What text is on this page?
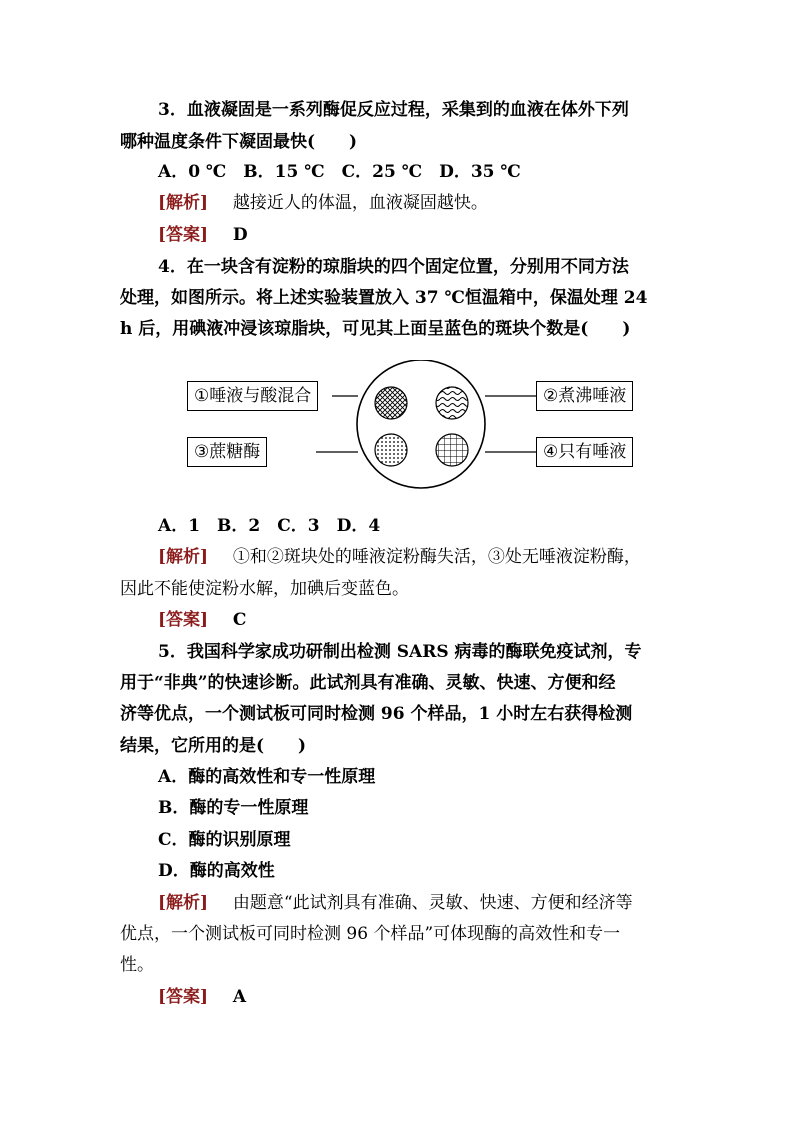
3．血液凝固是一系列酶促反应过程，采集到的血液在体外下列
哪种温度条件下凝固最快(　　)
A．0 ℃　B．15 ℃　C．25 ℃　D．35 ℃
[解析] 越接近人的体温，血液凝固越快。
[答案] D
4．在一块含有淀粉的琼脂块的四个固定位置，分别用不同方法
处理，如图所示。将上述实验装置放入 37 ℃恒温箱中，保温处理 24
h 后，用碘液冲浸该琼脂块，可见其上面呈蓝色的斑块个数是(　　)
①唾液与酸混合	②煮沸唾液
③蔗糖酶	④只有唾液
A．1　B．2　C．3　D．4
[解析] ①和②斑块处的唾液淀粉酶失活，③处无唾液淀粉酶，
因此不能使淀粉水解，加碘后变蓝色。
[答案] C
5．我国科学家成功研制出检测 SARS 病毒的酶联免疫试剂，专
用于“非典”的快速诊断。此试剂具有准确、灵敏、快速、方便和经
济等优点，一个测试板可同时检测 96 个样品，1 小时左右获得检测
结果，它所用的是(　　)
A．酶的高效性和专一性原理
B．酶的专一性原理
C．酶的识别原理
D．酶的高效性
[解析] 由题意“此试剂具有准确、灵敏、快速、方便和经济等
优点，一个测试板可同时检测 96 个样品”可体现酶的高效性和专一
性。
[答案] A
